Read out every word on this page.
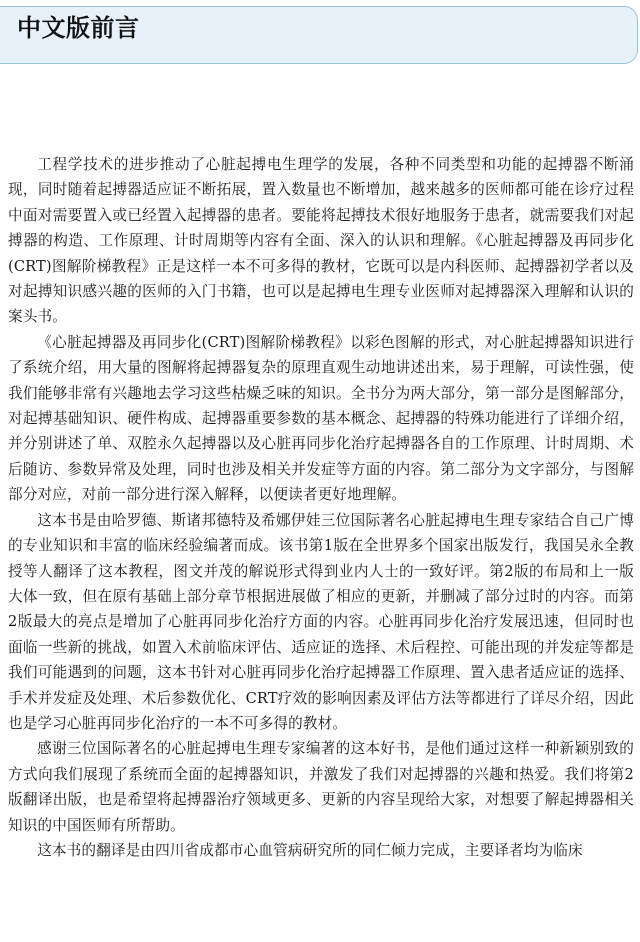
中文版前言

工程学技术的进步推动了心脏起搏电生理学的发展，各种不同类型和功能的起搏器不断涌现，同时随着起搏器适应证不断拓展，置入数量也不断增加，越来越多的医师都可能在诊疗过程中面对需要置入或已经置入起搏器的患者。要能将起搏技术很好地服务于患者，就需要我们对起搏器的构造、工作原理、计时周期等内容有全面、深入的认识和理解。《心脏起搏器及再同步化(CRT)图解阶梯教程》正是这样一本不可多得的教材，它既可以是内科医师、起搏器初学者以及对起搏知识感兴趣的医师的入门书籍，也可以是起搏电生理专业医师对起搏器深入理解和认识的案头书。

《心脏起搏器及再同步化(CRT)图解阶梯教程》以彩色图解的形式，对心脏起搏器知识进行了系统介绍，用大量的图解将起搏器复杂的原理直观生动地讲述出来，易于理解，可读性强，使我们能够非常有兴趣地去学习这些枯燥乏味的知识。全书分为两大部分，第一部分是图解部分，对起搏基础知识、硬件构成、起搏器重要参数的基本概念、起搏器的特殊功能进行了详细介绍，并分别讲述了单、双腔永久起搏器以及心脏再同步化治疗起搏器各自的工作原理、计时周期、术后随访、参数异常及处理，同时也涉及相关并发症等方面的内容。第二部分为文字部分，与图解部分对应，对前一部分进行深入解释，以便读者更好地理解。

这本书是由哈罗德、斯诸邦德特及希娜伊娃三位国际著名心脏起搏电生理专家结合自己广博的专业知识和丰富的临床经验编著而成。该书第1版在全世界多个国家出版发行，我国吴永全教授等人翻译了这本教程，图文并茂的解说形式得到业内人士的一致好评。第2版的布局和上一版大体一致，但在原有基础上部分章节根据进展做了相应的更新，并删减了部分过时的内容。而第2版最大的亮点是增加了心脏再同步化治疗方面的内容。心脏再同步化治疗发展迅速，但同时也面临一些新的挑战，如置入术前临床评估、适应证的选择、术后程控、可能出现的并发症等都是我们可能遇到的问题，这本书针对心脏再同步化治疗起搏器工作原理、置入患者适应证的选择、手术并发症及处理、术后参数优化、CRT疗效的影响因素及评估方法等都进行了详尽介绍，因此也是学习心脏再同步化治疗的一本不可多得的教材。

感谢三位国际著名的心脏起搏电生理专家编著的这本好书，是他们通过这样一种新颖别致的方式向我们展现了系统而全面的起搏器知识，并激发了我们对起搏器的兴趣和热爱。我们将第2版翻译出版，也是希望将起搏器治疗领域更多、更新的内容呈现给大家，对想要了解起搏器相关知识的中国医师有所帮助。

这本书的翻译是由四川省成都市心血管病研究所的同仁倾力完成，主要译者均为临床
